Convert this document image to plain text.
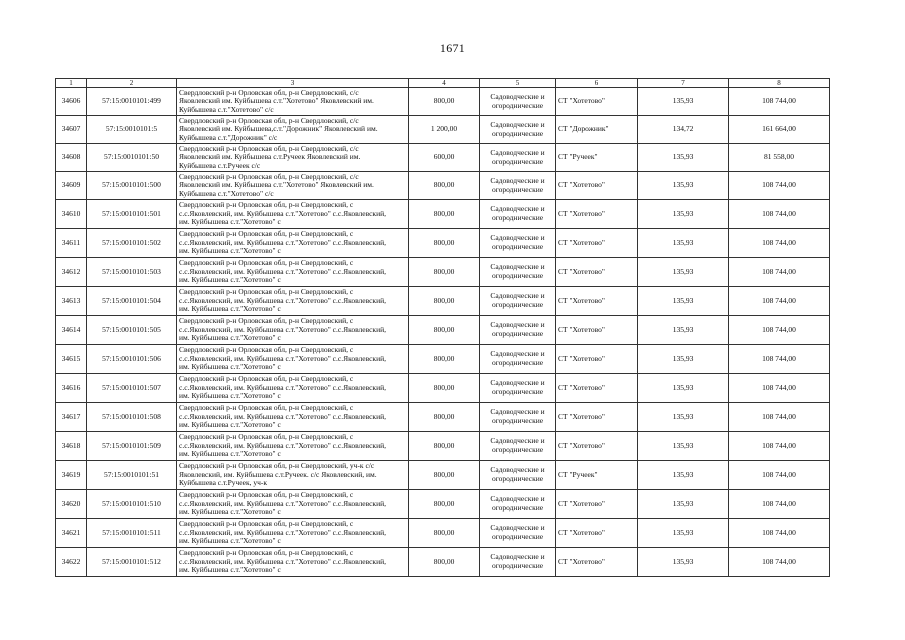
1671
1	2	3	4	5	6	7	8
34606	57:15:0010101:499	Свердловский р-н Орловская обл, р-н Свердловский, с/с
Яковлевский им. Куйбышева с.т."Хотетово" Яковлевский им.
Куйбышева с.т."Хотетово" с/с	800,00	Садоводческие и
огороднические	СТ "Хотетово"	135,93	108 744,00
34607	57:15:0010101:5	Свердловский р-н Орловская обл, р-н Свердловский, с/с
Яковлевский им. Куйбышева,с.т."Дорожник" Яковлевский им.
Куйбышева с.т."Дорожник" с/с	1 200,00	Садоводческие и
огороднические	СТ "Дорожник"	134,72	161 664,00
34608	57:15:0010101:50	Свердловский р-н Орловская обл, р-н Свердловский, с/с
Яковлевский им. Куйбышева с.т.Ручеек Яковлевский им.
Куйбышева с.т.Ручеек с/с	600,00	Садоводческие и
огороднические	СТ "Ручеек"	135,93	81 558,00
34609	57:15:0010101:500	Свердловский р-н Орловская обл, р-н Свердловский, с/с
Яковлевский им. Куйбышева с.т."Хотетово" Яковлевский им.
Куйбышева с.т."Хотетово" с/с	800,00	Садоводческие и
огороднические	СТ "Хотетово"	135,93	108 744,00
34610	57:15:0010101:501	Свердловский р-н Орловская обл, р-н Свердловский, с
с.с.Яковлевский, им. Куйбышева с.т."Хотетово" с.с.Яковлевский,
им. Куйбышева с.т."Хотетово" с	800,00	Садоводческие и
огороднические	СТ "Хотетово"	135,93	108 744,00
34611	57:15:0010101:502	Свердловский р-н Орловская обл, р-н Свердловский, с
с.с.Яковлевский, им. Куйбышева с.т."Хотетово" с.с.Яковлевский,
им. Куйбышева с.т."Хотетово" с	800,00	Садоводческие и
огороднические	СТ "Хотетово"	135,93	108 744,00
34612	57:15:0010101:503	Свердловский р-н Орловская обл, р-н Свердловский, с
с.с.Яковлевский, им. Куйбышева с.т."Хотетово" с.с.Яковлевский,
им. Куйбышева с.т."Хотетово" с	800,00	Садоводческие и
огороднические	СТ "Хотетово"	135,93	108 744,00
34613	57:15:0010101:504	Свердловский р-н Орловская обл, р-н Свердловский, с
с.с.Яковлевский, им. Куйбышева с.т."Хотетово" с.с.Яковлевский,
им. Куйбышева с.т."Хотетово" с	800,00	Садоводческие и
огороднические	СТ "Хотетово"	135,93	108 744,00
34614	57:15:0010101:505	Свердловский р-н Орловская обл, р-н Свердловский, с
с.с.Яковлевский, им. Куйбышева с.т."Хотетово" с.с.Яковлевский,
им. Куйбышева с.т."Хотетово" с	800,00	Садоводческие и
огороднические	СТ "Хотетово"	135,93	108 744,00
34615	57:15:0010101:506	Свердловский р-н Орловская обл, р-н Свердловский, с
с.с.Яковлевский, им. Куйбышева с.т."Хотетово" с.с.Яковлевский,
им. Куйбышева с.т."Хотетово" с	800,00	Садоводческие и
огороднические	СТ "Хотетово"	135,93	108 744,00
34616	57:15:0010101:507	Свердловский р-н Орловская обл, р-н Свердловский, с
с.с.Яковлевский, им. Куйбышева с.т."Хотетово" с.с.Яковлевский,
им. Куйбышева с.т."Хотетово" с	800,00	Садоводческие и
огороднические	СТ "Хотетово"	135,93	108 744,00
34617	57:15:0010101:508	Свердловский р-н Орловская обл, р-н Свердловский, с
с.с.Яковлевский, им. Куйбышева с.т."Хотетово" с.с.Яковлевский,
им. Куйбышева с.т."Хотетово" с	800,00	Садоводческие и
огороднические	СТ "Хотетово"	135,93	108 744,00
34618	57:15:0010101:509	Свердловский р-н Орловская обл, р-н Свердловский, с
с.с.Яковлевский, им. Куйбышева с.т."Хотетово" с.с.Яковлевский,
им. Куйбышева с.т."Хотетово" с	800,00	Садоводческие и
огороднические	СТ "Хотетово"	135,93	108 744,00
34619	57:15:0010101:51	Свердловский р-н Орловская обл, р-н Свердловский, уч-к с/с
Яковлевский, им. Куйбышева с.т.Ручеек. с/с Яковлевский, им.
Куйбышева с.т.Ручеек, уч-к	800,00	Садоводческие и
огороднические	СТ "Ручеек"	135,93	108 744,00
34620	57:15:0010101:510	Свердловский р-н Орловская обл, р-н Свердловский, с
с.с.Яковлевский, им. Куйбышева с.т."Хотетово" с.с.Яковлевский,
им. Куйбышева с.т."Хотетово" с	800,00	Садоводческие и
огороднические	СТ "Хотетово"	135,93	108 744,00
34621	57:15:0010101:511	Свердловский р-н Орловская обл, р-н Свердловский, с
с.с.Яковлевский, им. Куйбышева с.т."Хотетово" с.с.Яковлевский,
им. Куйбышева с.т."Хотетово" с	800,00	Садоводческие и
огороднические	СТ "Хотетово"	135,93	108 744,00
34622	57:15:0010101:512	Свердловский р-н Орловская обл, р-н Свердловский, с
с.с.Яковлевский, им. Куйбышева с.т."Хотетово" с.с.Яковлевский,
им. Куйбышева с.т."Хотетово" с	800,00	Садоводческие и
огороднические	СТ "Хотетово"	135,93	108 744,00
